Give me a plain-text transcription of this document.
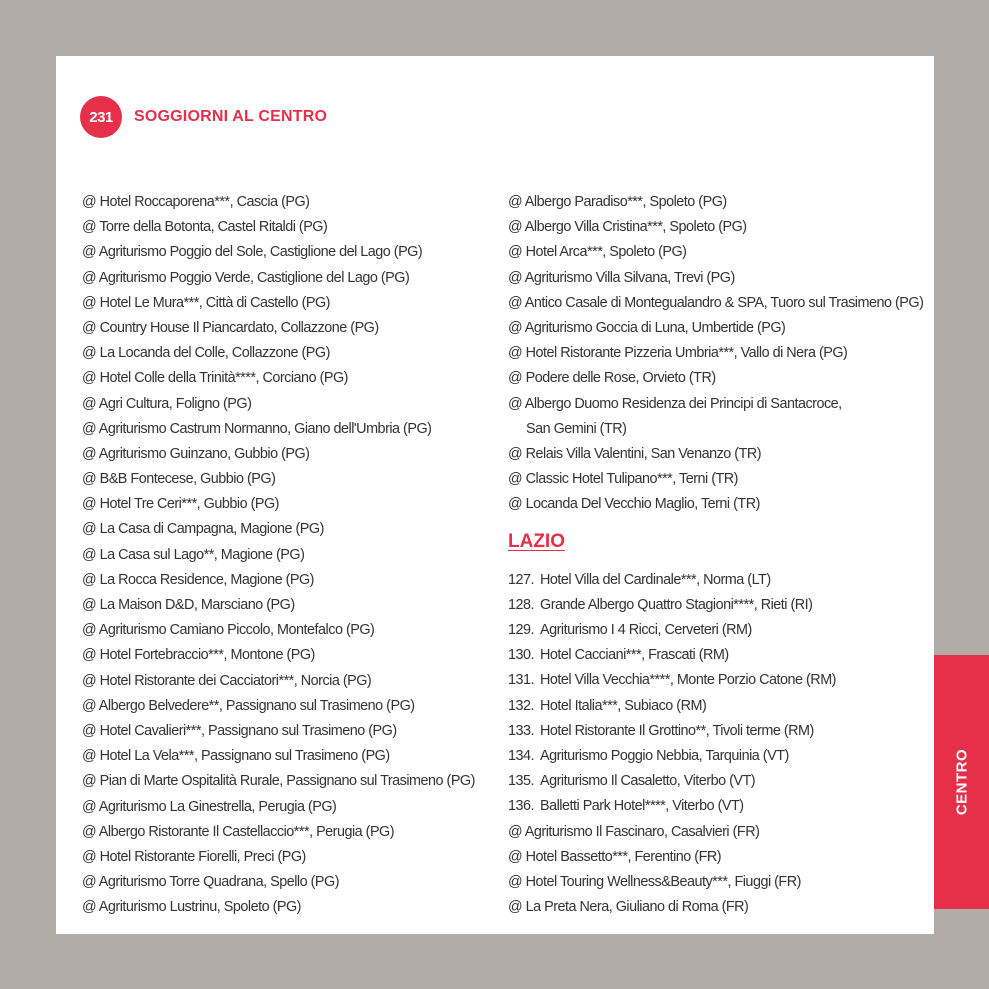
231	SOGGIORNI AL CENTRO
@ Hotel Roccaporena***, Cascia (PG)
@ Torre della Botonta, Castel Ritaldi (PG)
@ Agriturismo Poggio del Sole, Castiglione del Lago (PG)
@ Agriturismo Poggio Verde, Castiglione del Lago (PG)
@ Hotel Le Mura***, Città di Castello (PG)
@ Country House Il Piancardato, Collazzone (PG)
@ La Locanda del Colle, Collazzone (PG)
@ Hotel Colle della Trinità****, Corciano (PG)
@ Agri Cultura, Foligno (PG)
@ Agriturismo Castrum Normanno, Giano dell'Umbria (PG)
@ Agriturismo Guinzano, Gubbio (PG)
@ B&B Fontecese, Gubbio (PG)
@ Hotel Tre Ceri***, Gubbio (PG)
@ La Casa di Campagna, Magione (PG)
@ La Casa sul Lago**, Magione (PG)
@ La Rocca Residence, Magione (PG)
@ La Maison D&D, Marsciano (PG)
@ Agriturismo Camiano Piccolo, Montefalco (PG)
@ Hotel Fortebraccio***, Montone (PG)
@ Hotel Ristorante dei Cacciatori***, Norcia (PG)
@ Albergo Belvedere**, Passignano sul Trasimeno (PG)
@ Hotel Cavalieri***, Passignano sul Trasimeno (PG)
@ Hotel La Vela***, Passignano sul Trasimeno (PG)
@ Pian di Marte Ospitalità Rurale, Passignano sul Trasimeno (PG)
@ Agriturismo La Ginestrella, Perugia (PG)
@ Albergo Ristorante Il Castellaccio***, Perugia (PG)
@ Hotel Ristorante Fiorelli, Preci (PG)
@ Agriturismo Torre Quadrana, Spello (PG)
@ Agriturismo Lustrinu, Spoleto (PG)
@ Albergo Paradiso***, Spoleto (PG)
@ Albergo Villa Cristina***, Spoleto (PG)
@ Hotel Arca***, Spoleto (PG)
@ Agriturismo Villa Silvana, Trevi (PG)
@ Antico Casale di Montegualandro & SPA, Tuoro sul Trasimeno (PG)
@ Agriturismo Goccia di Luna, Umbertide (PG)
@ Hotel Ristorante Pizzeria Umbria***, Vallo di Nera (PG)
@ Podere delle Rose, Orvieto (TR)
@ Albergo Duomo Residenza dei Principi di Santacroce,
San Gemini (TR)
@ Relais Villa Valentini, San Venanzo (TR)
@ Classic Hotel Tulipano***, Terni (TR)
@ Locanda Del Vecchio Maglio, Terni (TR)
LAZIO
127. Hotel Villa del Cardinale***, Norma (LT)
128. Grande Albergo Quattro Stagioni****, Rieti (RI)
129. Agriturismo I 4 Ricci, Cerveteri (RM)
130. Hotel Cacciani***, Frascati (RM)
131. Hotel Villa Vecchia****, Monte Porzio Catone (RM)
132. Hotel Italia***, Subiaco (RM)
133. Hotel Ristorante Il Grottino**, Tivoli terme (RM)
134. Agriturismo Poggio Nebbia, Tarquinia (VT)
135. Agriturismo Il Casaletto, Viterbo (VT)
136. Balletti Park Hotel****, Viterbo (VT)
@ Agriturismo Il Fascinaro, Casalvieri (FR)
@ Hotel Bassetto***, Ferentino (FR)
@ Hotel Touring Wellness&Beauty***, Fiuggi (FR)
@ La Preta Nera, Giuliano di Roma (FR)
CENTRO
